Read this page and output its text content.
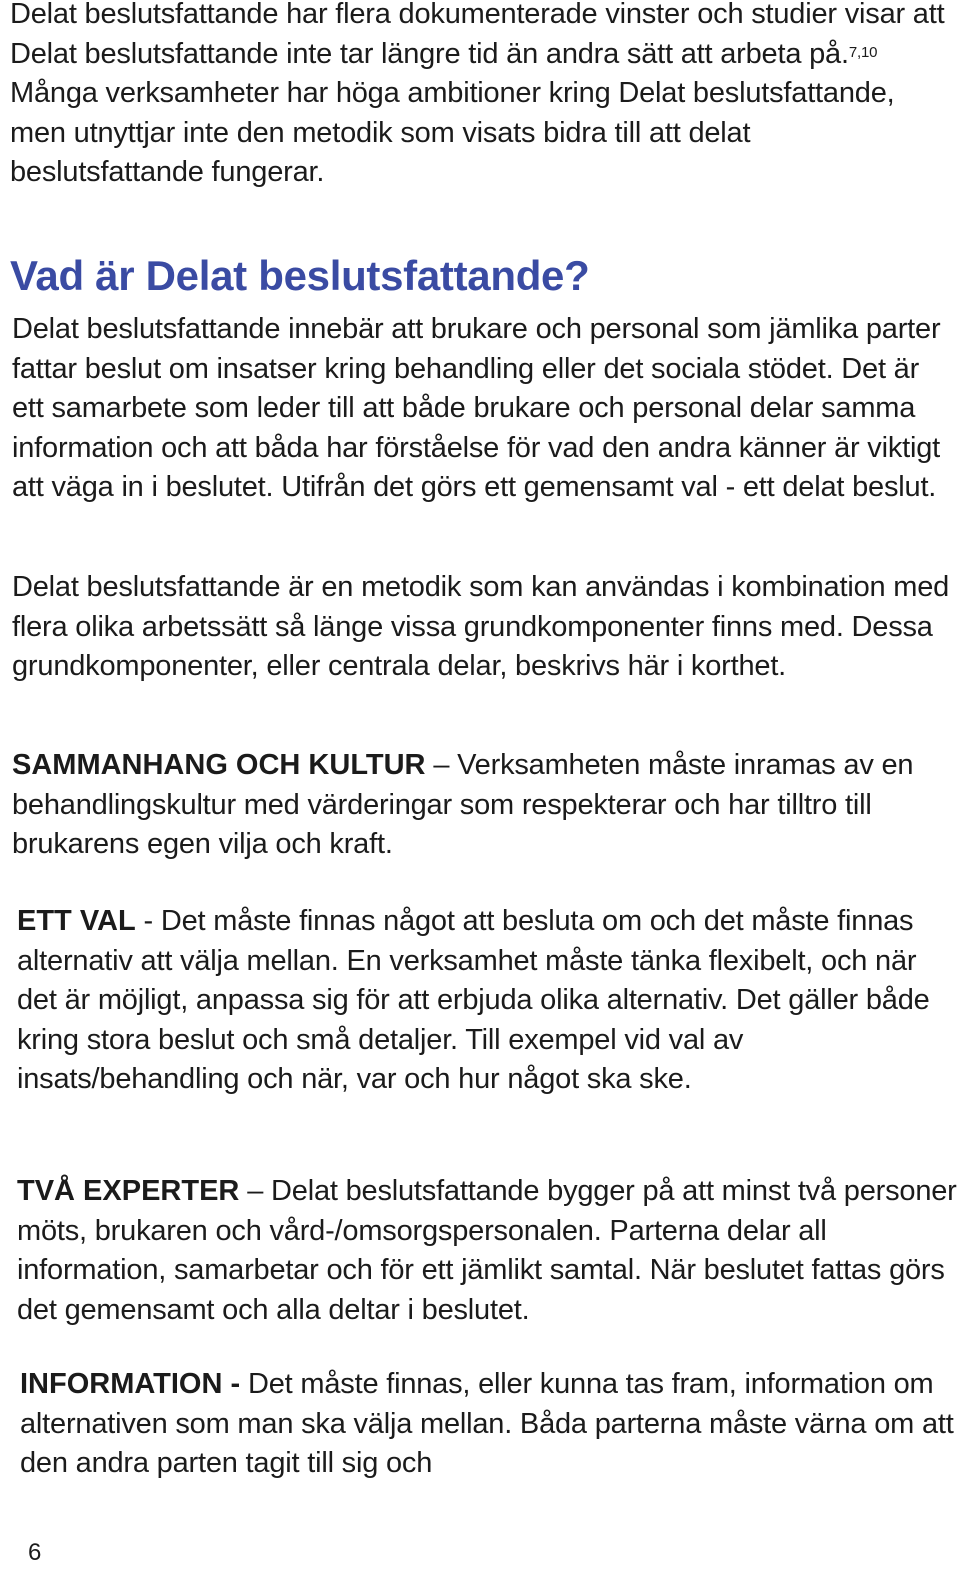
Delat beslutsfattande har flera dokumenterade vinster och studier visar att Delat beslutsfattande inte tar längre tid än andra sätt att arbeta på.$^{7,10}$ Många verksamheter har höga ambitioner kring Delat beslutsfattande, men utnyttjar inte den metodik som visats bidra till att delat beslutsfattande fungerar.

Vad är Delat beslutsfattande?

Delat beslutsfattande innebär att brukare och personal som jämlika parter fattar beslut om insatser kring behandling eller det sociala stödet. Det är ett samarbete som leder till att både brukare och personal delar samma information och att båda har förståelse för vad den andra känner är viktigt att väga in i beslutet. Utifrån det görs ett gemensamt val - ett delat beslut.

Delat beslutsfattande är en metodik som kan användas i kombination med flera olika arbetssätt så länge vissa grundkomponenter finns med. Dessa grundkomponenter, eller centrala delar, beskrivs här i korthet.

SAMMANHANG OCH KULTUR – Verksamheten måste inramas av en behandlingskultur med värderingar som respekterar och har tilltro till brukarens egen vilja och kraft.

ETT VAL - Det måste finnas något att besluta om och det måste finnas alternativ att välja mellan. En verksamhet måste tänka flexibelt, och när det är möjligt, anpassa sig för att erbjuda olika alternativ. Det gäller både kring stora beslut och små detaljer. Till exempel vid val av insats/behandling och när, var och hur något ska ske.

TVÅ EXPERTER – Delat beslutsfattande bygger på att minst två personer möts, brukaren och vård-/omsorgspersonalen. Parterna delar all information, samarbetar och för ett jämlikt samtal. När beslutet fattas görs det gemensamt och alla deltar i beslutet.

INFORMATION - Det måste finnas, eller kunna tas fram, information om alternativen som man ska välja mellan. Båda parterna måste värna om att den andra parten tagit till sig och

6
